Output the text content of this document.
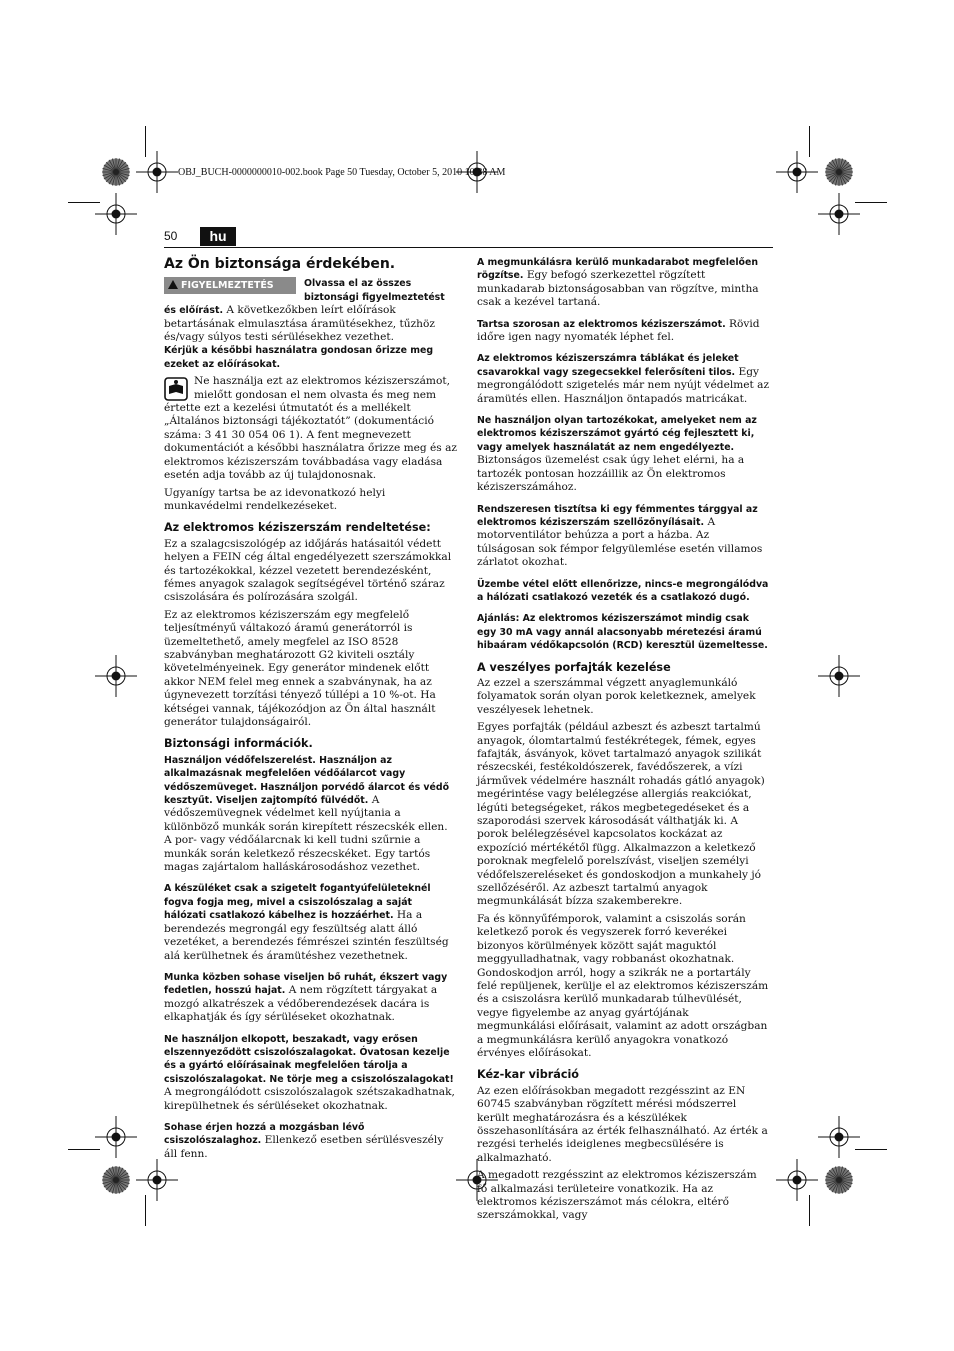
OBJ_BUCH-0000000010-002.book Page 50 Tuesday, October 5, 2010 10:38 AM
50	hu
Az Ön biztonsága érdekében.
FIGYELMEZTETÉS	Olvassa el az összes biztonsági figyelmeztetést és előírást. A következőkben leírt előírások betartásának elmulasztása áramütésekhez, tűzhöz és/vagy súlyos testi sérülésekhez vezethet.

Kérjük a későbbi használatra gondosan őrizze meg ezeket az előírásokat.

Ne használja ezt az elektromos kéziszerszámot, mielőtt gondosan el nem olvasta és meg nem értette ezt a kezelési útmutatót és a mellékelt „Általános biztonsági tájékoztatót” (dokumentáció száma: 3 41 30 054 06 1). A fent megnevezett dokumentációt a későbbi használatra őrizze meg és az elektromos kéziszerszám továbbadása vagy eladása esetén adja tovább az új tulajdonosnak.

Ugyanígy tartsa be az idevonatkozó helyi munkavédelmi rendelkezéseket.

Az elektromos kéziszerszám rendeltetése:

Ez a szalagcsiszológép az időjárás hatásaitól védett helyen a FEIN cég által engedélyezett szerszámokkal és tartozékokkal, kézzel vezetett berendezésként, fémes anyagok szalagok segítségével történő száraz csiszolására és polírozására szolgál.

Ez az elektromos kéziszerszám egy megfelelő teljesítményű váltakozó áramú generátorról is üzemeltethető, amely megfelel az ISO 8528 szabványban meghatározott G2 kiviteli osztály követelményeinek. Egy generátor mindenek előtt akkor NEM felel meg ennek a szabványnak, ha az úgynevezett torzítási tényező túllépi a 10 %-ot. Ha kétségei vannak, tájékozódjon az Ön által használt generátor tulajdonságairól.

Biztonsági információk.

Használjon védőfelszerelést. Használjon az alkalmazásnak megfelelően védőálarcot vagy védőszemüveget. Használjon porvédő álarcot és védő kesztyűt. Viseljen zajtompító fülvédőt. A védőszemüvegnek védelmet kell nyújtania a különböző munkák során kirepített részecskék ellen. A por- vagy védőálarcnak ki kell tudni szűrnie a munkák során keletkező részecskéket. Egy tartós magas zajártalom halláskárosodáshoz vezethet.

A készüléket csak a szigetelt fogantyúfelületeknél fogva fogja meg, mivel a csiszolószalag a saját hálózati csatlakozó kábelhez is hozzáérhet. Ha a berendezés megrongál egy feszültség alatt álló vezetéket, a berendezés fémrészei szintén feszültség alá kerülhetnek és áramütéshez vezethetnek.

Munka közben sohase viseljen bő ruhát, ékszert vagy fedetlen, hosszú hajat. A nem rögzített tárgyakat a mozgó alkatrészek a védőberendezések dacára is elkaphatják és így sérüléseket okozhatnak.

Ne használjon elkopott, beszakadt, vagy erősen elszennyeződött csiszolószalagokat. Óvatosan kezelje és a gyártó előírásainak megfelelően tárolja a csiszolószalagokat. Ne törje meg a csiszolószalagokat! A megrongálódott csiszolószalagok szétszakadhatnak, kirepülhetnek és sérüléseket okozhatnak.

Sohase érjen hozzá a mozgásban lévő csiszolószalaghoz. Ellenkező esetben sérülésveszély áll fenn.

A megmunkálásra kerülő munkadarabot megfelelően rögzítse. Egy befogó szerkezettel rögzített munkadarab biztonságosabban van rögzítve, mintha csak a kezével tartaná.

Tartsa szorosan az elektromos kéziszerszámot. Rövid időre igen nagy nyomaték léphet fel.

Az elektromos kéziszerszámra táblákat és jeleket csavarokkal vagy szegecsekkel felerősíteni tilos. Egy megrongálódott szigetelés már nem nyújt védelmet az áramütés ellen. Használjon öntapadós matricákat.

Ne használjon olyan tartozékokat, amelyeket nem az elektromos kéziszerszámot gyártó cég fejlesztett ki, vagy amelyek használatát az nem engedélyezte. Biztonságos üzemelést csak úgy lehet elérni, ha a tartozék pontosan hozzáillik az Ön elektromos kéziszerszámához.

Rendszeresen tisztítsa ki egy fémmentes tárggyal az elektromos kéziszerszám szellőzőnyílásait. A motorventilátor behúzza a port a házba. Az túlságosan sok fémpor felgyülemlése esetén villamos zárlatot okozhat.

Üzembe vétel előtt ellenőrizze, nincs-e megrongálódva a hálózati csatlakozó vezeték és a csatlakozó dugó.

Ajánlás: Az elektromos kéziszerszámot mindig csak egy 30 mA vagy annál alacsonyabb méretezési áramú hibaáram védőkapcsolón (RCD) keresztül üzemeltesse.

A veszélyes porfajták kezelése

Az ezzel a szerszámmal végzett anyaglemunkáló folyamatok során olyan porok keletkeznek, amelyek veszélyesek lehetnek.

Egyes porfajták (például azbeszt és azbeszt tartalmú anyagok, ólomtartalmú festékrétegek, fémek, egyes fafajták, ásványok, követ tartalmazó anyagok szilikát részecskéi, festékoldószerek, favédőszerek, a vízi járművek védelmére használt rohadás gátló anyagok) megérintése vagy belélegzése allergiás reakciókat, légúti betegségeket, rákos megbetegedéseket és a szaporodási szervek károsodását válthatják ki. A porok belélegzésével kapcsolatos kockázat az expozíció mértékétől függ. Alkalmazzon a keletkező poroknak megfelelő porelszívást, viseljen személyi védőfelszereléseket és gondoskodjon a munkahely jó szellőzéséről. Az azbeszt tartalmú anyagok megmunkálását bízza szakemberekre.

Fa és könnyűfémporok, valamint a csiszolás során keletkező porok és vegyszerek forró keverékei bizonyos körülmények között saját maguktól meggyulladhatnak, vagy robbanást okozhatnak. Gondoskodjon arról, hogy a szikrák ne a portartály felé repüljenek, kerülje el az elektromos kéziszerszám és a csiszolásra kerülő munkadarab túlhevülését, vegye figyelembe az anyag gyártójának megmunkálási előírásait, valamint az adott országban a megmunkálásra kerülő anyagokra vonatkozó érvényes előírásokat.

Kéz-kar vibráció

Az ezen előírásokban megadott rezgésszint az EN 60745 szabványban rögzített mérési módszerrel került meghatározásra és a készülékek összehasonlítására az érték felhasználható. Az érték a rezgési terhelés ideiglenes megbecsülésére is alkalmazható.

A megadott rezgésszint az elektromos kéziszerszám fő alkalmazási területeire vonatkozik. Ha az elektromos kéziszerszámot más célokra, eltérő szerszámokkal, vagy
